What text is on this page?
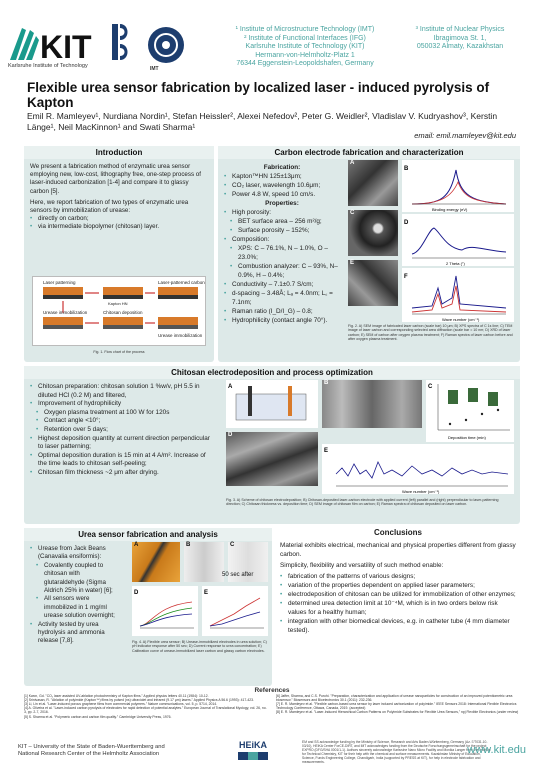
KIT
Karlsruhe Institute of Technology	IMT
¹ Institute of Microstructure Technology (IMT)
² Institute of Functional Interfaces (IFG)
Karlsruhe Institute of Technology (KIT)
Hermann-von-Helmholtz-Platz 1
76344 Eggenstein-Leopoldshafen, Germany
³ Institute of Nuclear Physics
Ibragimova St. 1,
050032 Almaty, Kazakhstan
Flexible urea sensor fabrication by localized laser - induced pyrolysis of Kapton
Emil R. Mamleyev¹, Nurdiana Nordin¹, Stefan Heissler², Alexei Nefedov², Peter G. Weidler², Vladislav V. Kudryashov³, Kerstin Länge¹, Neil MacKinnon¹ and Swati Sharma¹
email: emil.mamleyev@kit.edu
Introduction

We present a fabrication method of enzymatic urea sensor employing new, low-cost, lithography free, one-step process of laser-induced carbonization [1-4] and compare it to glassy carbon [5].

Here, we report fabrication of two types of enzymatic urea sensors by immobilization of urease:

• directly on carbon;
• via intermediate biopolymer (chitosan) layer.
Laser patterning
Kapton HN
Urease immobilization	Chitosan deposition
Laser-patterned carbon
Urease immobilization
Fig. 1. Flow chart of the process
Carbon electrode fabrication and characterization
Fabrication:
• Kapton™HN 125±13μm;
• CO₂ laser, wavelength 10.6μm;
• Power 4.8 W, speed 10 cm/s.
Properties:
• High porosity:
• BET surface area – 256 m²/g;
• Surface porosity – 152%;
• Composition:
• XPS: C – 76.1%, N – 1.0%, O – 23.0%;
• Combustion analyzer: C – 93%, N–0.9%, H – 0.4%;
• Conductivity – 7.1±0.7 S/cm;
• d-spacing – 3.48Å; Lₐ = 4.0nm; L꜀ = 7.1nm;
• Raman ratio (I_D/I_G) – 0.8;
• Hydrophilicity (contact angle 70°).
A
C
E
B
Binding energy (eV)
D
2 Theta (°)
F
Wave number (cm⁻¹)
Fig. 2. A) SEM image of fabricated laser carbon (scale bar) 10 μm; B) XPS spectra of C 1s line; C) TEM image of laser carbon and corresponding selected area diffraction (scale bar = 10 nm; D) XRD of laser carbon; E) SEM of carbon after oxygen plasma treatment; F) Raman spectra of laser carbon before and after oxygen plasma treatment.
Chitosan electrodeposition and process optimization
• Chitosan preparation: chitosan solution 1 %w/v, pH 5.5 in diluted HCl (0.2 M) and filtered,
• Improvement of hydrophilicity
• Oxygen plasma treatment at 100 W for 120s
• Contact angle <10°;
• Retention over 5 days;
• Highest deposition quantity at current direction perpendicular to laser patterning;
• Optimal deposition duration is 15 min at 4 A/m². Increase of the time leads to chitosan self-peeling;
• Chitosan film thickness ~2 μm after drying.
A
B
C
Deposition time (min)
D
E
Wave number (cm⁻¹)
Fig. 3. A) Scheme of chitosan electrodeposition; B) Chitosan-deposited laser-carbon electrode with applied current (left) parallel and (right) perpendicular to laser-patterning direction; C) Chitosan thickness vs. deposition time; D) SEM image of chitosan film on carbon; E) Raman spectra of chitosan deposited on laser carbon.
Urea sensor fabrication and analysis
• Urease from Jack Beans (Canavalia ensiformis):
• Covalently coupled to chitosan with glutaraldehyde (Sigma Aldrich 25% in water) [6];
• All sensors were immobilized in 1 mg/ml urease solution overnight;
• Activity tested by urea hydrolysis and ammonia release [7,8].
A	B	C
50 sec after
D	E
Fig. 4. A) Flexible urea sensor; B) Urease-immobilized electrodes in urea solution; C) pH indicator response after 50 sec; D) Current response to urea concentration; E) Calibration curve of urease-immobilized laser carbon and glassy carbon electrodes.
Conclusions

Material exhibits electrical, mechanical and physical properties different from glassy carbon.

Simplicity, flexibility and versatility of such method enable:

• fabrication of the patterns of various designs;
• variation of the properties dependent on applied laser parameters;
• electrodeposition of chitosan can be utilized for immobilization of other enzymes;
• determined urea detection limit at 10⁻⁴M, which is in two orders below risk values for a healthy human;
• integration with other biomedical devices, e.g. in catheter tube (4 mm diameter tested).
References
[1] Kwon, Gd. "CO₂ laser assisted UV-ablation photochemistry of Kapton films." Applied physics letters 40.11 (1984): 10-12.
[2] Srinivasan, R. "Ablation of polyimide (Kapton™) films by pulsed (ns) ultraviolet and infrared (9.17 μm) lasers." Applied Physics A 56.6 (1993): 417-423.
[3] Li, Lin et al. "Laser-induced porous graphene films from commercial polymers." Nature communications, vol. 5, p. 5714, 2014.
[4] A. Oliveira et al. "Laser-induced carbon pyrolysis of electrodes for rapid detection of potential analytes." European Journal of Translational Myology, vol. 26, no. 3, pp. 2-7, 2016.
[5] S. Sharma et al. "Polymeric carbon and carbon film quality." Cambridge University Press, 1976.
[6] Jaffer, Sharma, and C.S. Purohi. "Preparation, characterization and application of urease nanoparticles for construction of an improved potentiometric urea biosensor." Biosensors and Bioelectronics 30.1 (2011): 232-236.
[7] E. R. Mamleyev et al. "Flexible carbon-based urea sensor by laser induced carbonization of polyimide." IEEE Sensors 2018: International Flexible Electronics Technology Conference, Ottawa, Canada, 2019. (accepted)
[8] E. R. Mamleyev et al. "Laser-Induced Hierarchical Carbon Patterns on Polyimide Substrates for Flexible Urea Sensors," npj Flexible Electronics (under review)
KIT – University of the State of Baden-Wuerttemberg and
National Research Center of the Helmholtz Association
HEiKA	EM and SS acknowledge funding by the Ministry of Science, Research and Arts Baden-Württemberg, Germany (Az.:7/7031.10-03/10), HEiKA Center ForCE-DIRT, and IMT acknowledges funding from the Deutsche Forschungsgemeinschaft for the project EXPRO (DFG/SHA 0001/1-1). Authors sincerely acknowledge Karlsruhe Nano Micro Facility and Monika Langer from the Institute for Technical Chemistry, KIT for their help with the chemical and surface measurements. Kazakhstan Ministry of Education, Science, Funds Engineering College, Chandigarh, India (supported by PRESS at KIT), for help in electrode fabrication and measurements.
www.kit.edu
